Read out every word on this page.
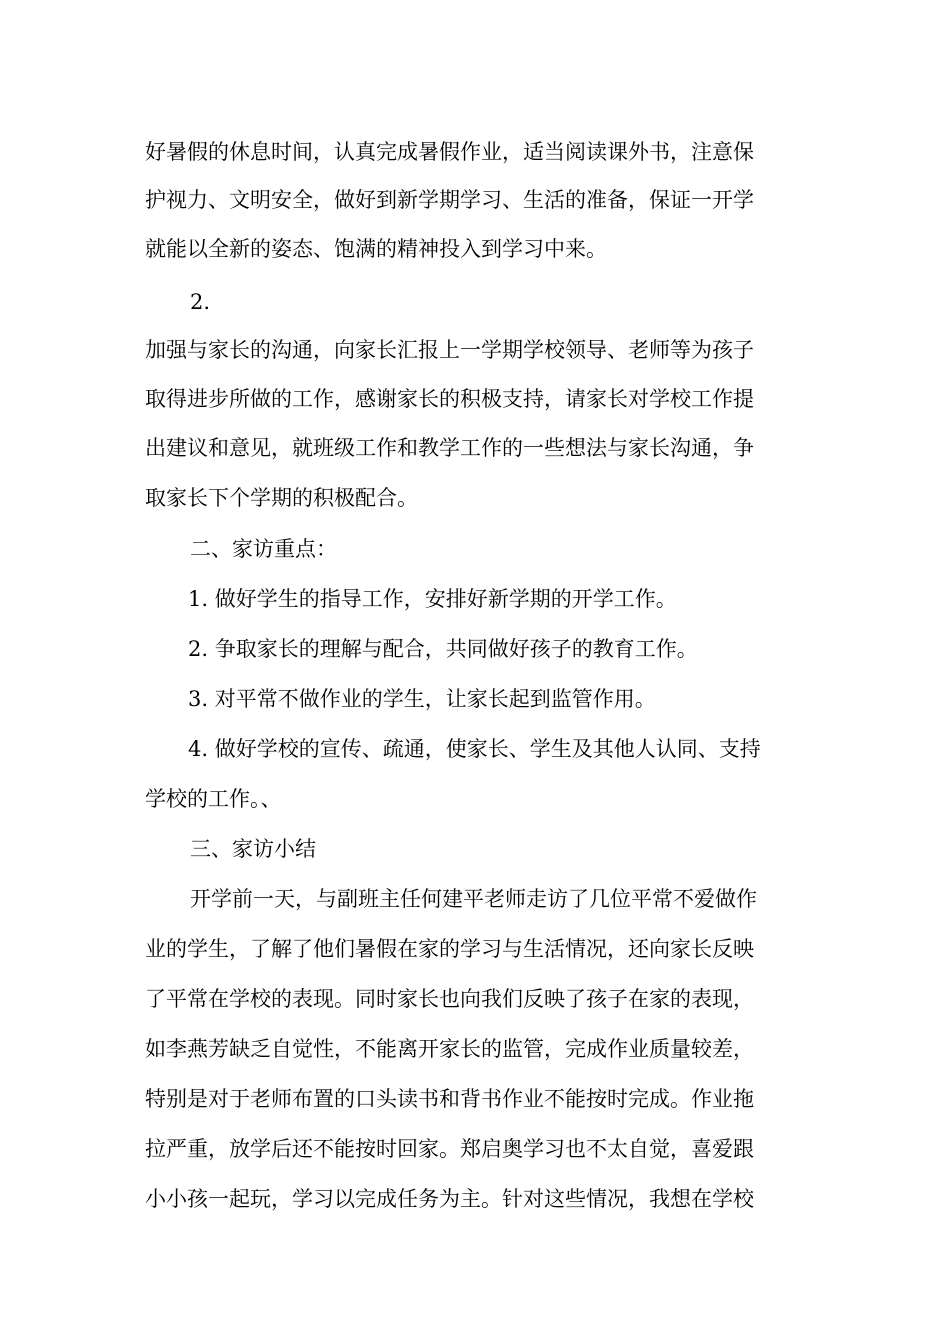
好暑假的休息时间，认真完成暑假作业，适当阅读课外书，注意保
护视力、文明安全，做好到新学期学习、生活的准备，保证一开学
就能以全新的姿态、饱满的精神投入到学习中来。
2.
加强与家长的沟通，向家长汇报上一学期学校领导、老师等为孩子
取得进步所做的工作，感谢家长的积极支持，请家长对学校工作提
出建议和意见，就班级工作和教学工作的一些想法与家长沟通，争
取家长下个学期的积极配合。
二、家访重点：
1. 做好学生的指导工作，安排好新学期的开学工作。
2. 争取家长的理解与配合，共同做好孩子的教育工作。
3. 对平常不做作业的学生，让家长起到监管作用。
4. 做好学校的宣传、疏通，使家长、学生及其他人认同、支持
学校的工作。、
三、家访小结
开学前一天，与副班主任何建平老师走访了几位平常不爱做作
业的学生，了解了他们暑假在家的学习与生活情况，还向家长反映
了平常在学校的表现。同时家长也向我们反映了孩子在家的表现，
如李燕芳缺乏自觉性，不能离开家长的监管，完成作业质量较差，
特别是对于老师布置的口头读书和背书作业不能按时完成。作业拖
拉严重，放学后还不能按时回家。郑启奥学习也不太自觉，喜爱跟
小小孩一起玩，学习以完成任务为主。针对这些情况，我想在学校
